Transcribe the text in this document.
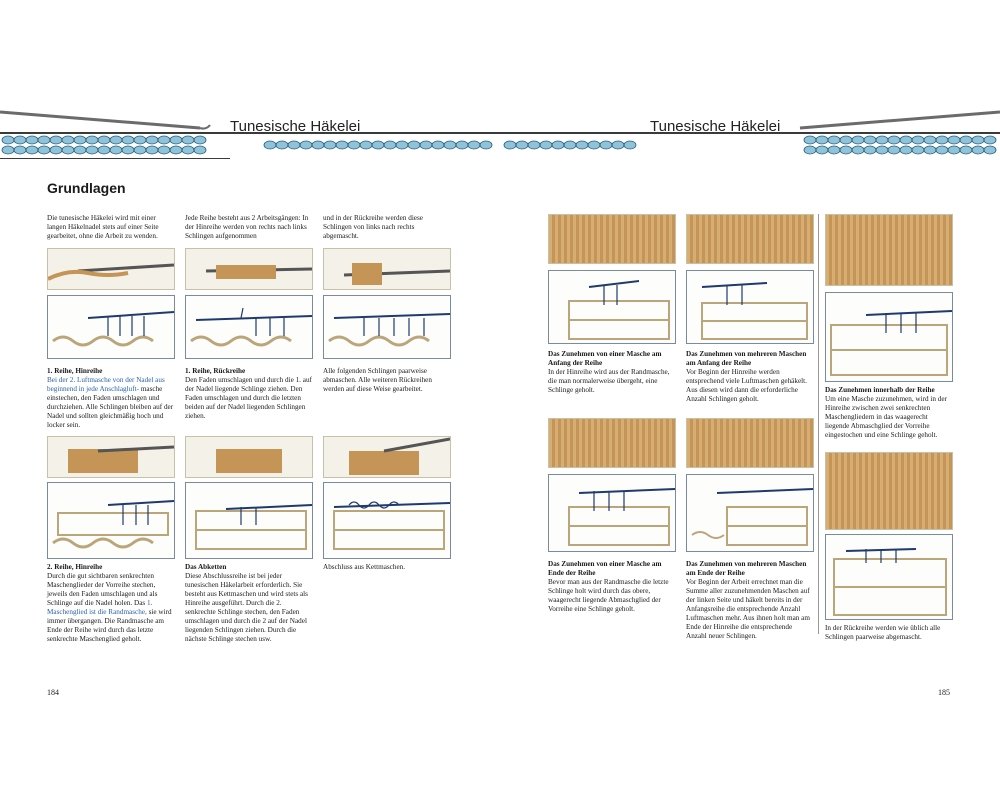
Tunesische Häkelei	Tunesische Häkelei
Grundlagen
Die tunesische Häkelei wird mit einer langen Häkelnadel stets auf einer Seite gearbeitet, ohne die Arbeit zu wenden.
Jede Reihe besteht aus 2 Arbeitsgängen: In der Hinreihe werden von rechts nach links Schlingen aufgenommen
und in der Rückreihe werden diese Schlingen von links nach rechts abgemascht.
1. Reihe, Hinreihe
Bei der 2. Luftmasche von der Nadel aus beginnend in jede Anschlagluft- masche einstechen, den Faden umschlagen und durchziehen. Alle Schlingen bleiben auf der Nadel und sollten gleichmäßig hoch und locker sein.
1. Reihe, Rückreihe
Den Faden umschlagen und durch die 1. auf der Nadel liegende Schlinge ziehen. Den Faden umschlagen und durch die letzten beiden auf der Nadel liegenden Schlingen ziehen.
Alle folgenden Schlingen paarweise abmaschen. Alle weiteren Rückreihen werden auf diese Weise gearbeitet.
2. Reihe, Hinreihe
Durch die gut sichtbaren senkrechten Maschenglieder der Vorreihe stechen, jeweils den Faden umschlagen und als Schlinge auf die Nadel holen. Das 1. Maschenglied ist die Randmasche, sie wird immer übergangen. Die Randmasche am Ende der Reihe wird durch das letzte senkrechte Maschenglied geholt.
Das Abketten
Diese Abschlussreihe ist bei jeder tunesischen Häkelarbeit erforderlich. Sie besteht aus Kettmaschen und wird stets als Hinreihe ausgeführt. Durch die 2. senkrechte Schlinge stechen, den Faden umschlagen und durch die 2 auf der Nadel liegenden Schlingen ziehen. Durch die nächste Schlinge stechen usw.
Abschluss aus Kettmaschen.
184
Das Zunehmen von einer Masche am Anfang der Reihe
In der Hinreihe wird aus der Randmasche, die man normalerweise übergeht, eine Schlinge geholt.
Das Zunehmen von mehreren Maschen am Anfang der Reihe
Vor Beginn der Hinreihe werden entsprechend viele Luftmaschen gehäkelt. Aus diesen wird dann die erforderliche Anzahl Schlingen geholt.
Das Zunehmen innerhalb der Reihe
Um eine Masche zuzunehmen, wird in der Hinreihe zwischen zwei senkrechten Maschengliedern in das waagerecht liegende Abmaschglied der Vorreihe eingestochen und eine Schlinge geholt.
Das Zunehmen von einer Masche am Ende der Reihe
Bevor man aus der Randmasche die letzte Schlinge holt wird durch das obere, waagerecht liegende Abmaschglied der Vorreihe eine Schlinge geholt.
Das Zunehmen von mehreren Maschen am Ende der Reihe
Vor Beginn der Arbeit errechnet man die Summe aller zuzunehmenden Maschen auf der linken Seite und häkelt bereits in der Anfangsreihe die entsprechende Anzahl Luftmaschen mehr. Aus ihnen holt man am Ende der Hinreihe die entsprechende Anzahl neuer Schlingen.
In der Rückreihe werden wie üblich alle Schlingen paarweise abgemascht.
185
